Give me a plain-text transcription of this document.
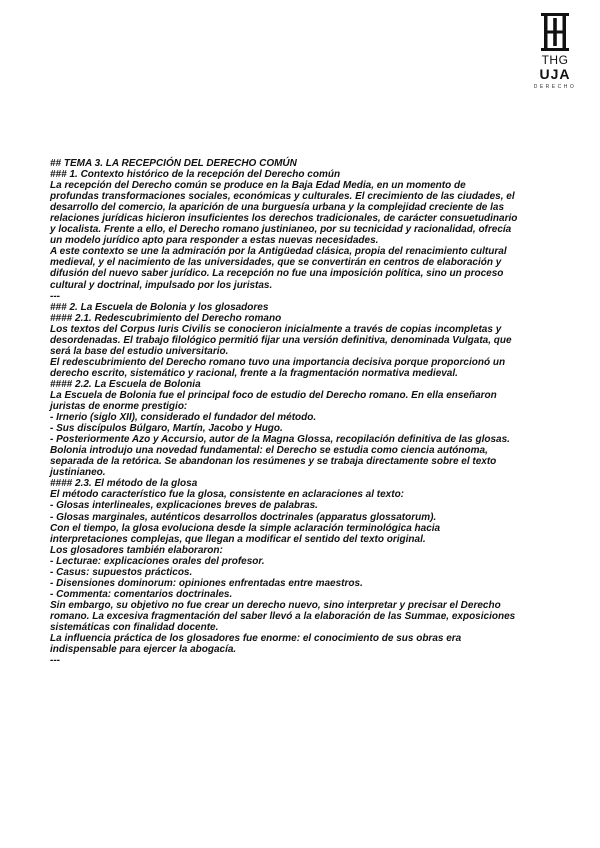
THG
UJA
DERECHO

## TEMA 3. LA RECEPCIÓN DEL DERECHO COMÚN

### 1. Contexto histórico de la recepción del Derecho común

La recepción del Derecho común se produce en la Baja Edad Media, en un momento de

profundas transformaciones sociales, económicas y culturales. El crecimiento de las ciudades, el

desarrollo del comercio, la aparición de una burguesía urbana y la complejidad creciente de las

relaciones jurídicas hicieron insuficientes los derechos tradicionales, de carácter consuetudinario

y localista. Frente a ello, el Derecho romano justinianeo, por su tecnicidad y racionalidad, ofrecía

un modelo jurídico apto para responder a estas nuevas necesidades.

A este contexto se une la admiración por la Antigüedad clásica, propia del renacimiento cultural

medieval, y el nacimiento de las universidades, que se convertirán en centros de elaboración y

difusión del nuevo saber jurídico. La recepción no fue una imposición política, sino un proceso

cultural y doctrinal, impulsado por los juristas.

---

### 2. La Escuela de Bolonia y los glosadores

#### 2.1. Redescubrimiento del Derecho romano

Los textos del Corpus Iuris Civilis se conocieron inicialmente a través de copias incompletas y

desordenadas. El trabajo filológico permitió fijar una versión definitiva, denominada Vulgata, que

será la base del estudio universitario.

El redescubrimiento del Derecho romano tuvo una importancia decisiva porque proporcionó un

derecho escrito, sistemático y racional, frente a la fragmentación normativa medieval.

#### 2.2. La Escuela de Bolonia

La Escuela de Bolonia fue el principal foco de estudio del Derecho romano. En ella enseñaron

juristas de enorme prestigio:

- Irnerio (siglo XII), considerado el fundador del método.

- Sus discípulos Búlgaro, Martín, Jacobo y Hugo.

- Posteriormente Azo y Accursio, autor de la Magna Glossa, recopilación definitiva de las glosas.

Bolonia introdujo una novedad fundamental: el Derecho se estudia como ciencia autónoma,

separada de la retórica. Se abandonan los resúmenes y se trabaja directamente sobre el texto

justinianeo.

#### 2.3. El método de la glosa

El método característico fue la glosa, consistente en aclaraciones al texto:

- Glosas interlineales, explicaciones breves de palabras.

- Glosas marginales, auténticos desarrollos doctrinales (apparatus glossatorum).

Con el tiempo, la glosa evoluciona desde la simple aclaración terminológica hacia

interpretaciones complejas, que llegan a modificar el sentido del texto original.

Los glosadores también elaboraron:

- Lecturae: explicaciones orales del profesor.

- Casus: supuestos prácticos.

- Disensiones dominorum: opiniones enfrentadas entre maestros.

- Commenta: comentarios doctrinales.

Sin embargo, su objetivo no fue crear un derecho nuevo, sino interpretar y precisar el Derecho

romano. La excesiva fragmentación del saber llevó a la elaboración de las Summae, exposiciones

sistemáticas con finalidad docente.

La influencia práctica de los glosadores fue enorme: el conocimiento de sus obras era

indispensable para ejercer la abogacía.

---
